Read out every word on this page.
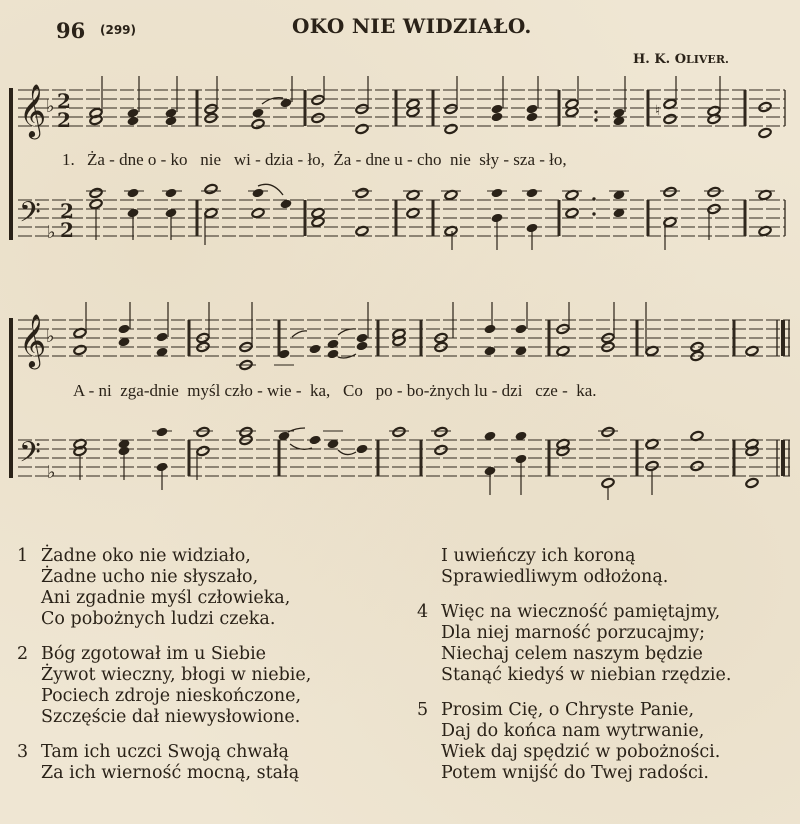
96 (299)	OKO NIE WIDZIAŁO.
H. K. OLIVER.
𝄞 ♭ 2
2
𝄢 ♭
2
2
𝄞 ♭
𝄢 ♭
♮
1. Ża - dne o - ko   nie   wi - dzia - ło,  Ża - dne u - cho  nie  sły - sza - ło,
A - ni  zga-dnie  myśl czło - wie -  ka,   Co   po - bo-żnych lu - dzi   cze -  ka.
1 Żadne oko nie widziało,
Żadne ucho nie słyszało,
Ani zgadnie myśl człowieka,
Co pobożnych ludzi czeka.
2 Bóg zgotował im u Siebie
Żywot wieczny, błogi w niebie,
Pociech zdroje nieskończone,
Szczęście dał niewysłowione.
3 Tam ich uczci Swoją chwałą
Za ich wierność mocną, stałą
I uwieńczy ich koroną
Sprawiedliwym odłożoną.
4 Więc na wieczność pamiętajmy,
Dla niej marność porzucajmy;
Niechaj celem naszym będzie
Stanąć kiedyś w niebian rzędzie.
5 Prosim Cię, o Chryste Panie,
Daj do końca nam wytrwanie,
Wiek daj spędzić w pobożności.
Potem wnijść do Twej radości.
